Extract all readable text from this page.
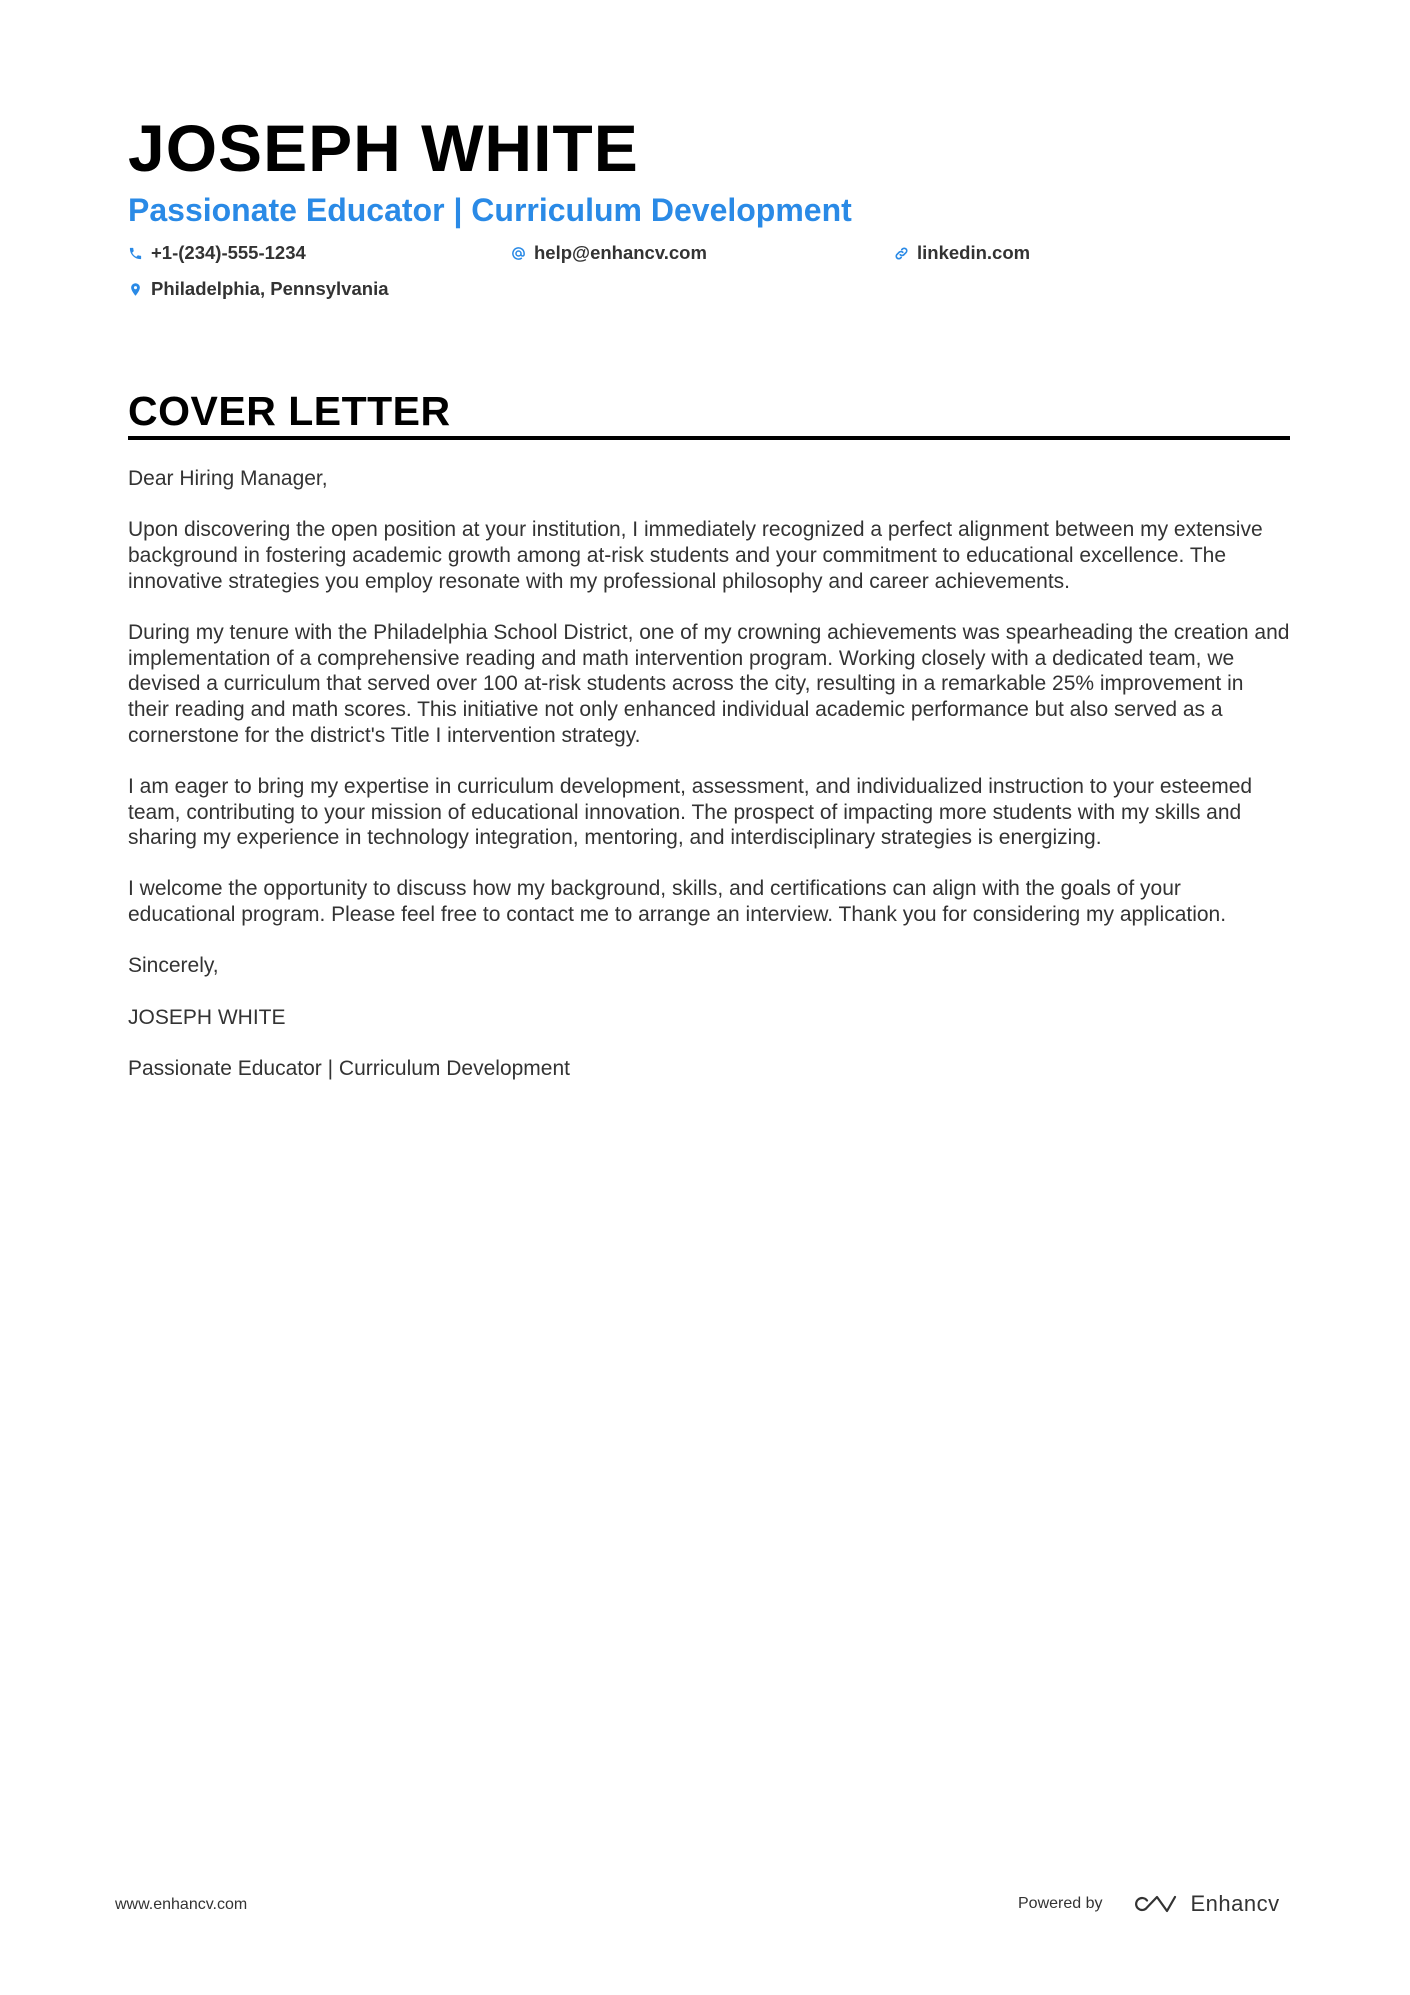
JOSEPH WHITE
Passionate Educator | Curriculum Development
+1-(234)-555-1234	help@enhancv.com	linkedin.com
Philadelphia, Pennsylvania
COVER LETTER

Dear Hiring Manager,

Upon discovering the open position at your institution, I immediately recognized a perfect alignment between my extensive background in fostering academic growth among at-risk students and your commitment to educational excellence. The innovative strategies you employ resonate with my professional philosophy and career achievements.

During my tenure with the Philadelphia School District, one of my crowning achievements was spearheading the creation and implementation of a comprehensive reading and math intervention program. Working closely with a dedicated team, we devised a curriculum that served over 100 at-risk students across the city, resulting in a remarkable 25% improvement in their reading and math scores. This initiative not only enhanced individual academic performance but also served as a cornerstone for the district's Title I intervention strategy.

I am eager to bring my expertise in curriculum development, assessment, and individualized instruction to your esteemed team, contributing to your mission of educational innovation. The prospect of impacting more students with my skills and sharing my experience in technology integration, mentoring, and interdisciplinary strategies is energizing.

I welcome the opportunity to discuss how my background, skills, and certifications can align with the goals of your educational program. Please feel free to contact me to arrange an interview. Thank you for considering my application.

Sincerely,

JOSEPH WHITE

Passionate Educator | Curriculum Development

www.enhancv.com	Powered by	Enhancv
